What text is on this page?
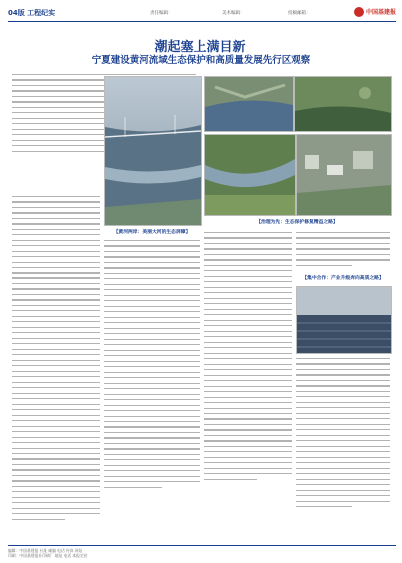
04版 工程纪实	责任编辑：	美术编辑：	投稿邮箱：	中国基建报
潮起塞上满目新
宁夏建设黄河流域生态保护和高质量发展先行区观察
【黄河两岸：美丽大河的生态屏障】
【治理为先：生态保护修复精益之路】
【集中合作：产业升级奔向高质之路】
编辑：中国基建报 社址 邮编 电话 传真 网址
印刷：中国基建报社印刷厂 地址 电话 本报定价
